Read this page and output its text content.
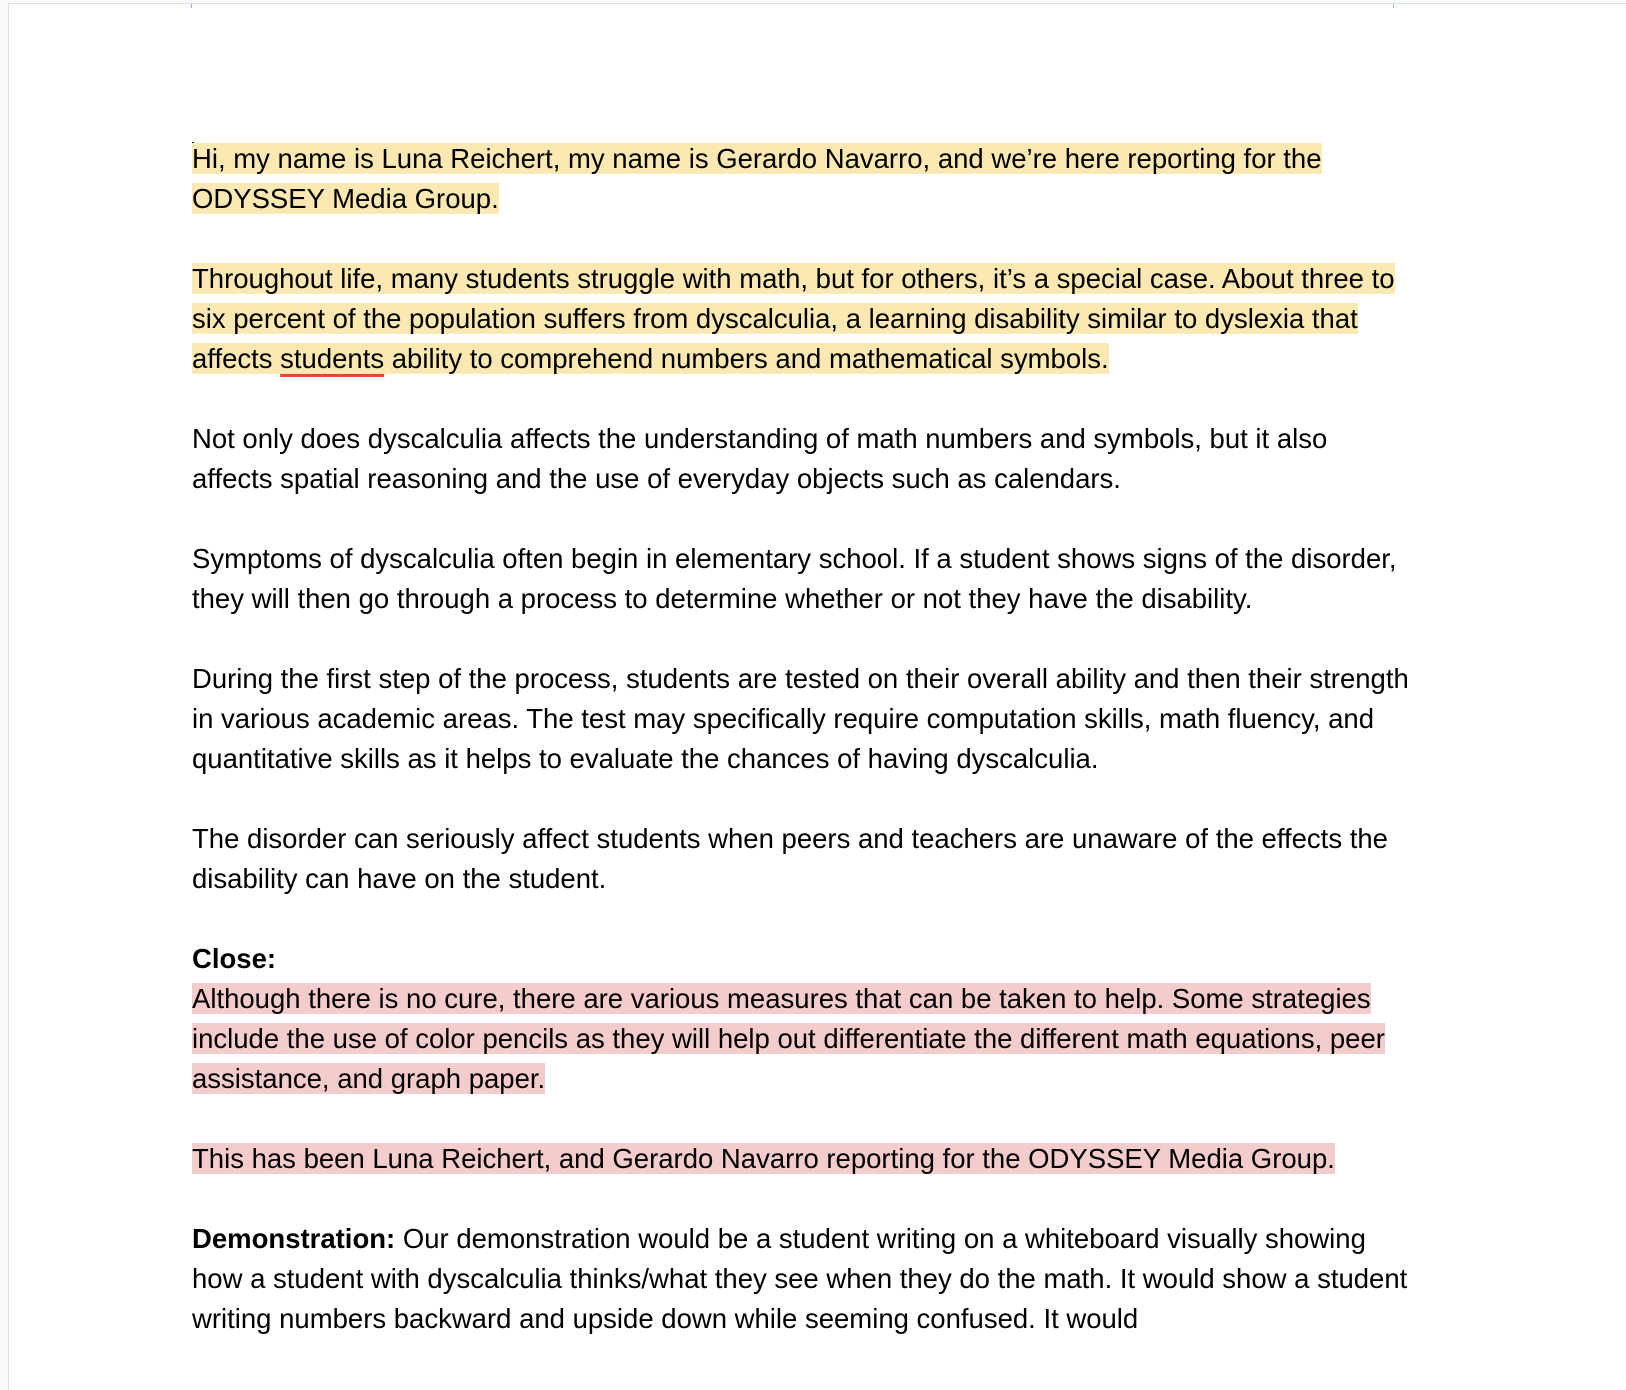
Hi, my name is Luna Reichert, my name is Gerardo Navarro, and we’re here reporting for the
ODYSSEY Media Group.

Throughout life, many students struggle with math, but for others, it’s a special case. About three to six percent of the population suffers from dyscalculia, a learning disability similar to dyslexia that affects students ability to comprehend numbers and mathematical symbols.

Not only does dyscalculia affects the understanding of math numbers and symbols, but it also affects spatial reasoning and the use of everyday objects such as calendars.

Symptoms of dyscalculia often begin in elementary school. If a student shows signs of the disorder, they will then go through a process to determine whether or not they have the disability.

During the first step of the process, students are tested on their overall ability and then their strength in various academic areas. The test may specifically require computation skills, math fluency, and quantitative skills as it helps to evaluate the chances of having dyscalculia.

The disorder can seriously affect students when peers and teachers are unaware of the effects the disability can have on the student.

Close:

Although there is no cure, there are various measures that can be taken to help. Some strategies include the use of color pencils as they will help out differentiate the different math equations, peer assistance, and graph paper.

This has been Luna Reichert, and Gerardo Navarro reporting for the ODYSSEY Media Group.

Demonstration: Our demonstration would be a student writing on a whiteboard visually showing how a student with dyscalculia thinks/what they see when they do the math. It would show a student writing numbers backward and upside down while seeming confused. It would
